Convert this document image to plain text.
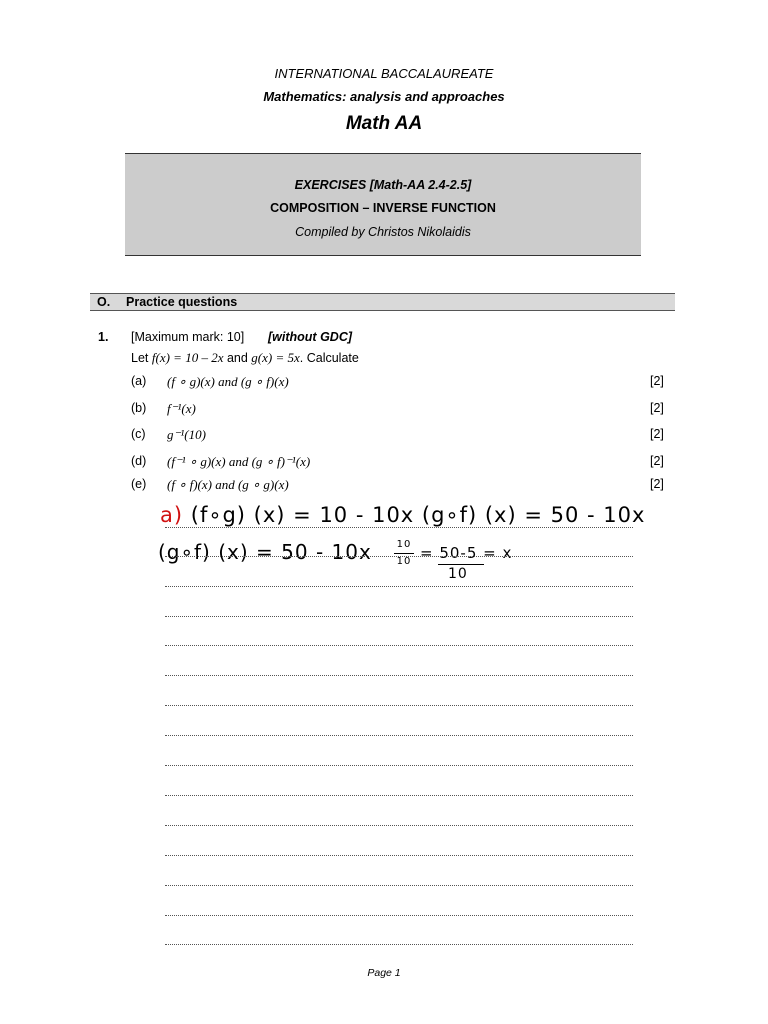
INTERNATIONAL BACCALAUREATE
Mathematics: analysis and approaches
Math AA
EXERCISES [Math-AA 2.4-2.5]
COMPOSITION – INVERSE FUNCTION
Compiled by Christos Nikolaidis
O. Practice questions
1. [Maximum mark: 10] [without GDC]
Let f(x) = 10 – 2x and g(x) = 5x. Calculate
(a) (f ∘ g)(x) and (g ∘ f)(x)	[2]
(b) f⁻¹(x)	[2]
(c) g⁻¹(10)	[2]
(d) (f⁻¹ ∘ g)(x) and (g ∘ f)⁻¹(x)	[2]
(e) (f ∘ f)(x) and (g ∘ g)(x)	[2]
a) (f∘g) (x) = 10 - 10x (g∘f) (x) = 50 - 10x
(g∘f) (x) = 50 - 10x	10
10 = 50-5 = x
10
Page 1
